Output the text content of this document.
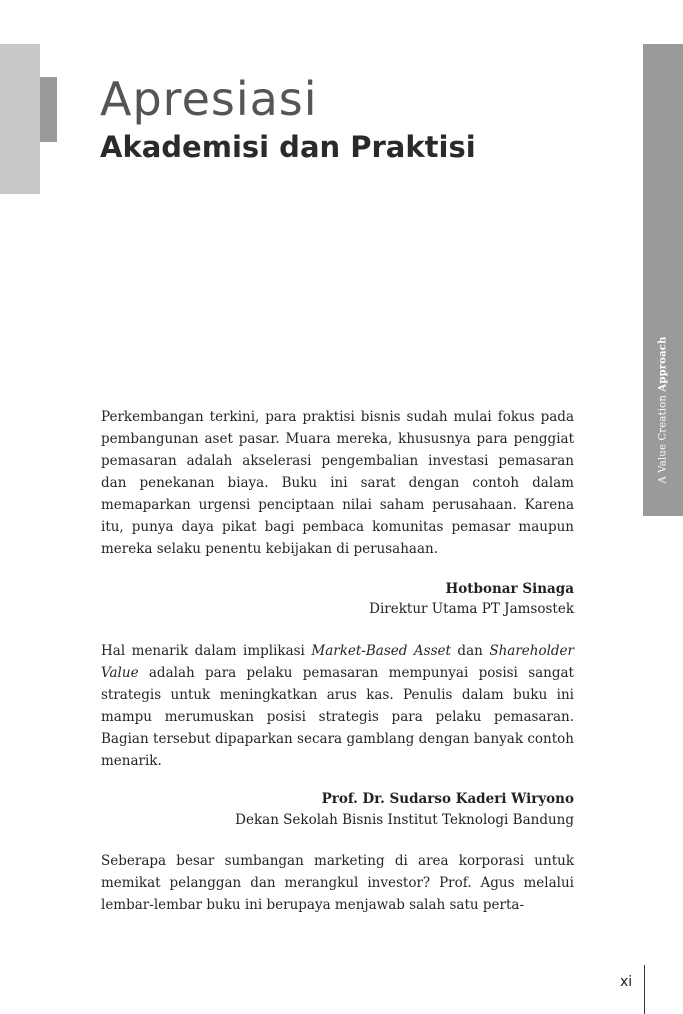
A Value Creation Approach
Apresiasi
Akademisi dan Praktisi

Perkembangan terkini, para praktisi bisnis sudah mulai fokus pada pembangunan aset pasar. Muara mereka, khususnya para penggiat pemasaran adalah akselerasi pengembalian investasi pemasaran dan penekanan biaya. Buku ini sarat dengan contoh dalam memaparkan urgensi penciptaan nilai saham perusahaan. Karena itu, punya daya pikat bagi pembaca komunitas pemasar maupun mereka selaku penentu kebijakan di perusahaan.

Hotbonar Sinaga

Direktur Utama PT Jamsostek

Hal menarik dalam implikasi Market-Based Asset dan Shareholder Value adalah para pelaku pemasaran mempunyai posisi sangat strategis untuk meningkatkan arus kas. Penulis dalam buku ini mampu merumuskan posisi strategis para pelaku pemasaran. Bagian tersebut dipaparkan secara gamblang dengan banyak contoh menarik.

Prof. Dr. Sudarso Kaderi Wiryono

Dekan Sekolah Bisnis Institut Teknologi Bandung

Seberapa besar sumbangan marketing di area korporasi untuk memikat pelanggan dan merangkul investor? Prof. Agus melalui lembar-lembar buku ini berupaya menjawab salah satu perta-

xi
